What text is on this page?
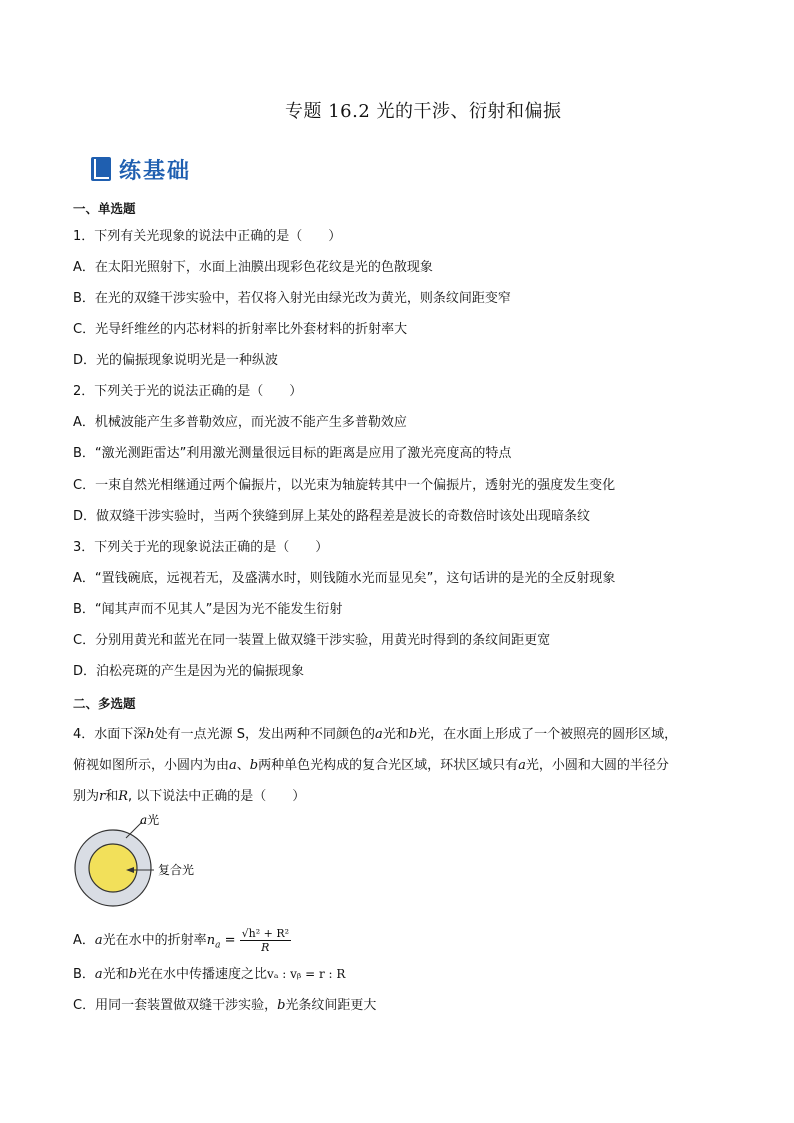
专题 16.2 光的干涉、衍射和偏振
练基础
一、单选题
1．下列有关光现象的说法中正确的是（　　）
A．在太阳光照射下，水面上油膜出现彩色花纹是光的色散现象
B．在光的双缝干涉实验中，若仅将入射光由绿光改为黄光，则条纹间距变窄
C．光导纤维丝的内芯材料的折射率比外套材料的折射率大
D．光的偏振现象说明光是一种纵波
2．下列关于光的说法正确的是（　　）
A．机械波能产生多普勒效应，而光波不能产生多普勒效应
B．“激光测距雷达”利用激光测量很远目标的距离是应用了激光亮度高的特点
C．一束自然光相继通过两个偏振片，以光束为轴旋转其中一个偏振片，透射光的强度发生变化
D．做双缝干涉实验时，当两个狭缝到屏上某处的路程差是波长的奇数倍时该处出现暗条纹
3．下列关于光的现象说法正确的是（　　）
A．“置钱碗底，远视若无，及盛满水时，则钱随水光而显见矣”，这句话讲的是光的全反射现象
B．“闻其声而不见其人”是因为光不能发生衍射
C．分别用黄光和蓝光在同一装置上做双缝干涉实验，用黄光时得到的条纹间距更宽
D．泊松亮斑的产生是因为光的偏振现象
二、多选题
4．水面下深h处有一点光源 S，发出两种不同颜色的a光和b光，在水面上形成了一个被照亮的圆形区域，
俯视如图所示，小圆内为由a、b两种单色光构成的复合光区域，环状区域只有a光，小圆和大圆的半径分
别为r和R, 以下说法中正确的是（　　）
a光
复合光
A．a光在水中的折射率$n_a = \frac{\text{√h² + R²}}{R}$
B．a光和b光在水中传播速度之比vₐ : vᵦ = r : R
C．用同一套装置做双缝干涉实验，b光条纹间距更大
